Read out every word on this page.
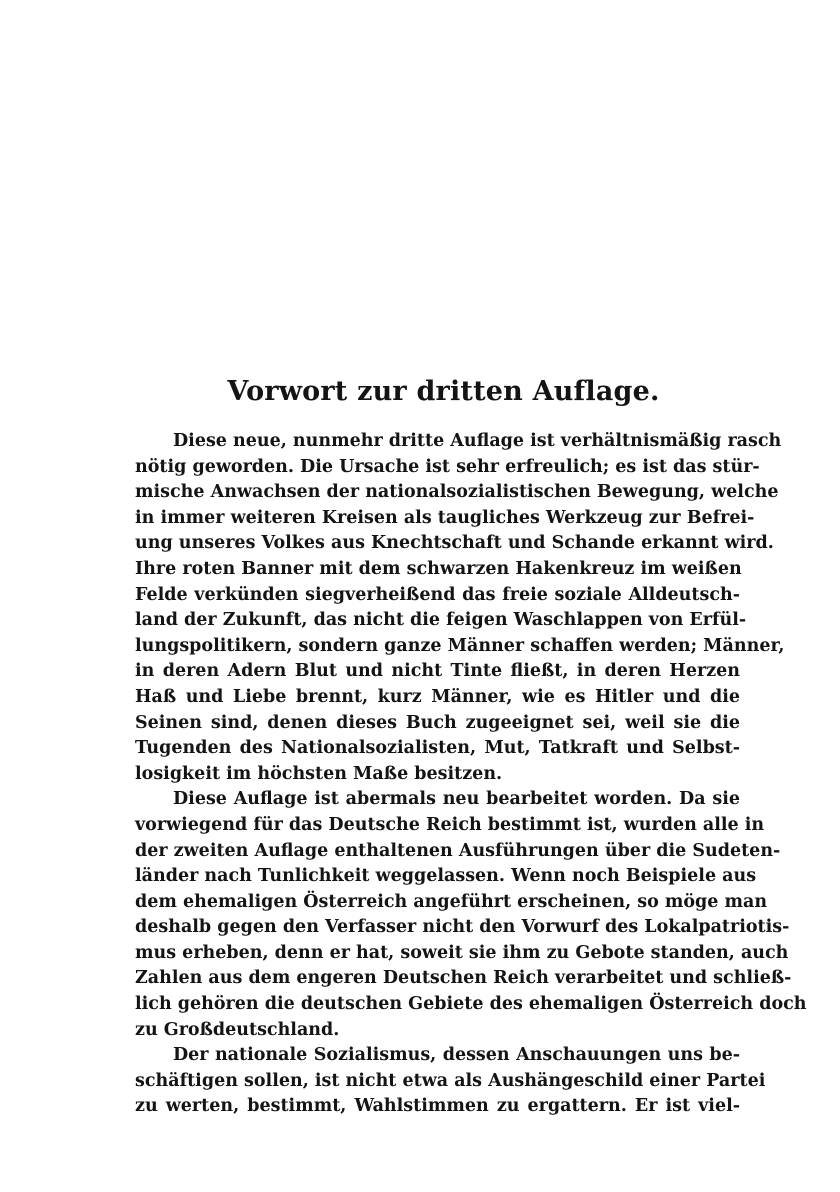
Vorwort zur dritten Auflage.
Diese neue, nunmehr dritte Auflage ist verhältnismäßig rasch
nötig geworden. Die Ursache ist sehr erfreulich; es ist das stür-
mische Anwachsen der nationalsozialistischen Bewegung, welche
in immer weiteren Kreisen als taugliches Werkzeug zur Befrei-
ung unseres Volkes aus Knechtschaft und Schande erkannt wird.
Ihre roten Banner mit dem schwarzen Hakenkreuz im weißen
Felde verkünden siegverheißend das freie soziale Alldeutsch-
land der Zukunft, das nicht die feigen Waschlappen von Erfül-
lungspolitikern, sondern ganze Männer schaffen werden; Männer,
in deren Adern Blut und nicht Tinte fließt, in deren Herzen
Haß und Liebe brennt, kurz Männer, wie es Hitler und die
Seinen sind, denen dieses Buch zugeeignet sei, weil sie die
Tugenden des Nationalsozialisten, Mut, Tatkraft und Selbst-
losigkeit im höchsten Maße besitzen.
Diese Auflage ist abermals neu bearbeitet worden. Da sie
vorwiegend für das Deutsche Reich bestimmt ist, wurden alle in
der zweiten Auflage enthaltenen Ausführungen über die Sudeten-
länder nach Tunlichkeit weggelassen. Wenn noch Beispiele aus
dem ehemaligen Österreich angeführt erscheinen, so möge man
deshalb gegen den Verfasser nicht den Vorwurf des Lokalpatriotis-
mus erheben, denn er hat, soweit sie ihm zu Gebote standen, auch
Zahlen aus dem engeren Deutschen Reich verarbeitet und schließ-
lich gehören die deutschen Gebiete des ehemaligen Österreich doch
zu Großdeutschland.
Der nationale Sozialismus, dessen Anschauungen uns be-
schäftigen sollen, ist nicht etwa als Aushängeschild einer Partei
zu werten, bestimmt, Wahlstimmen zu ergattern. Er ist viel-
